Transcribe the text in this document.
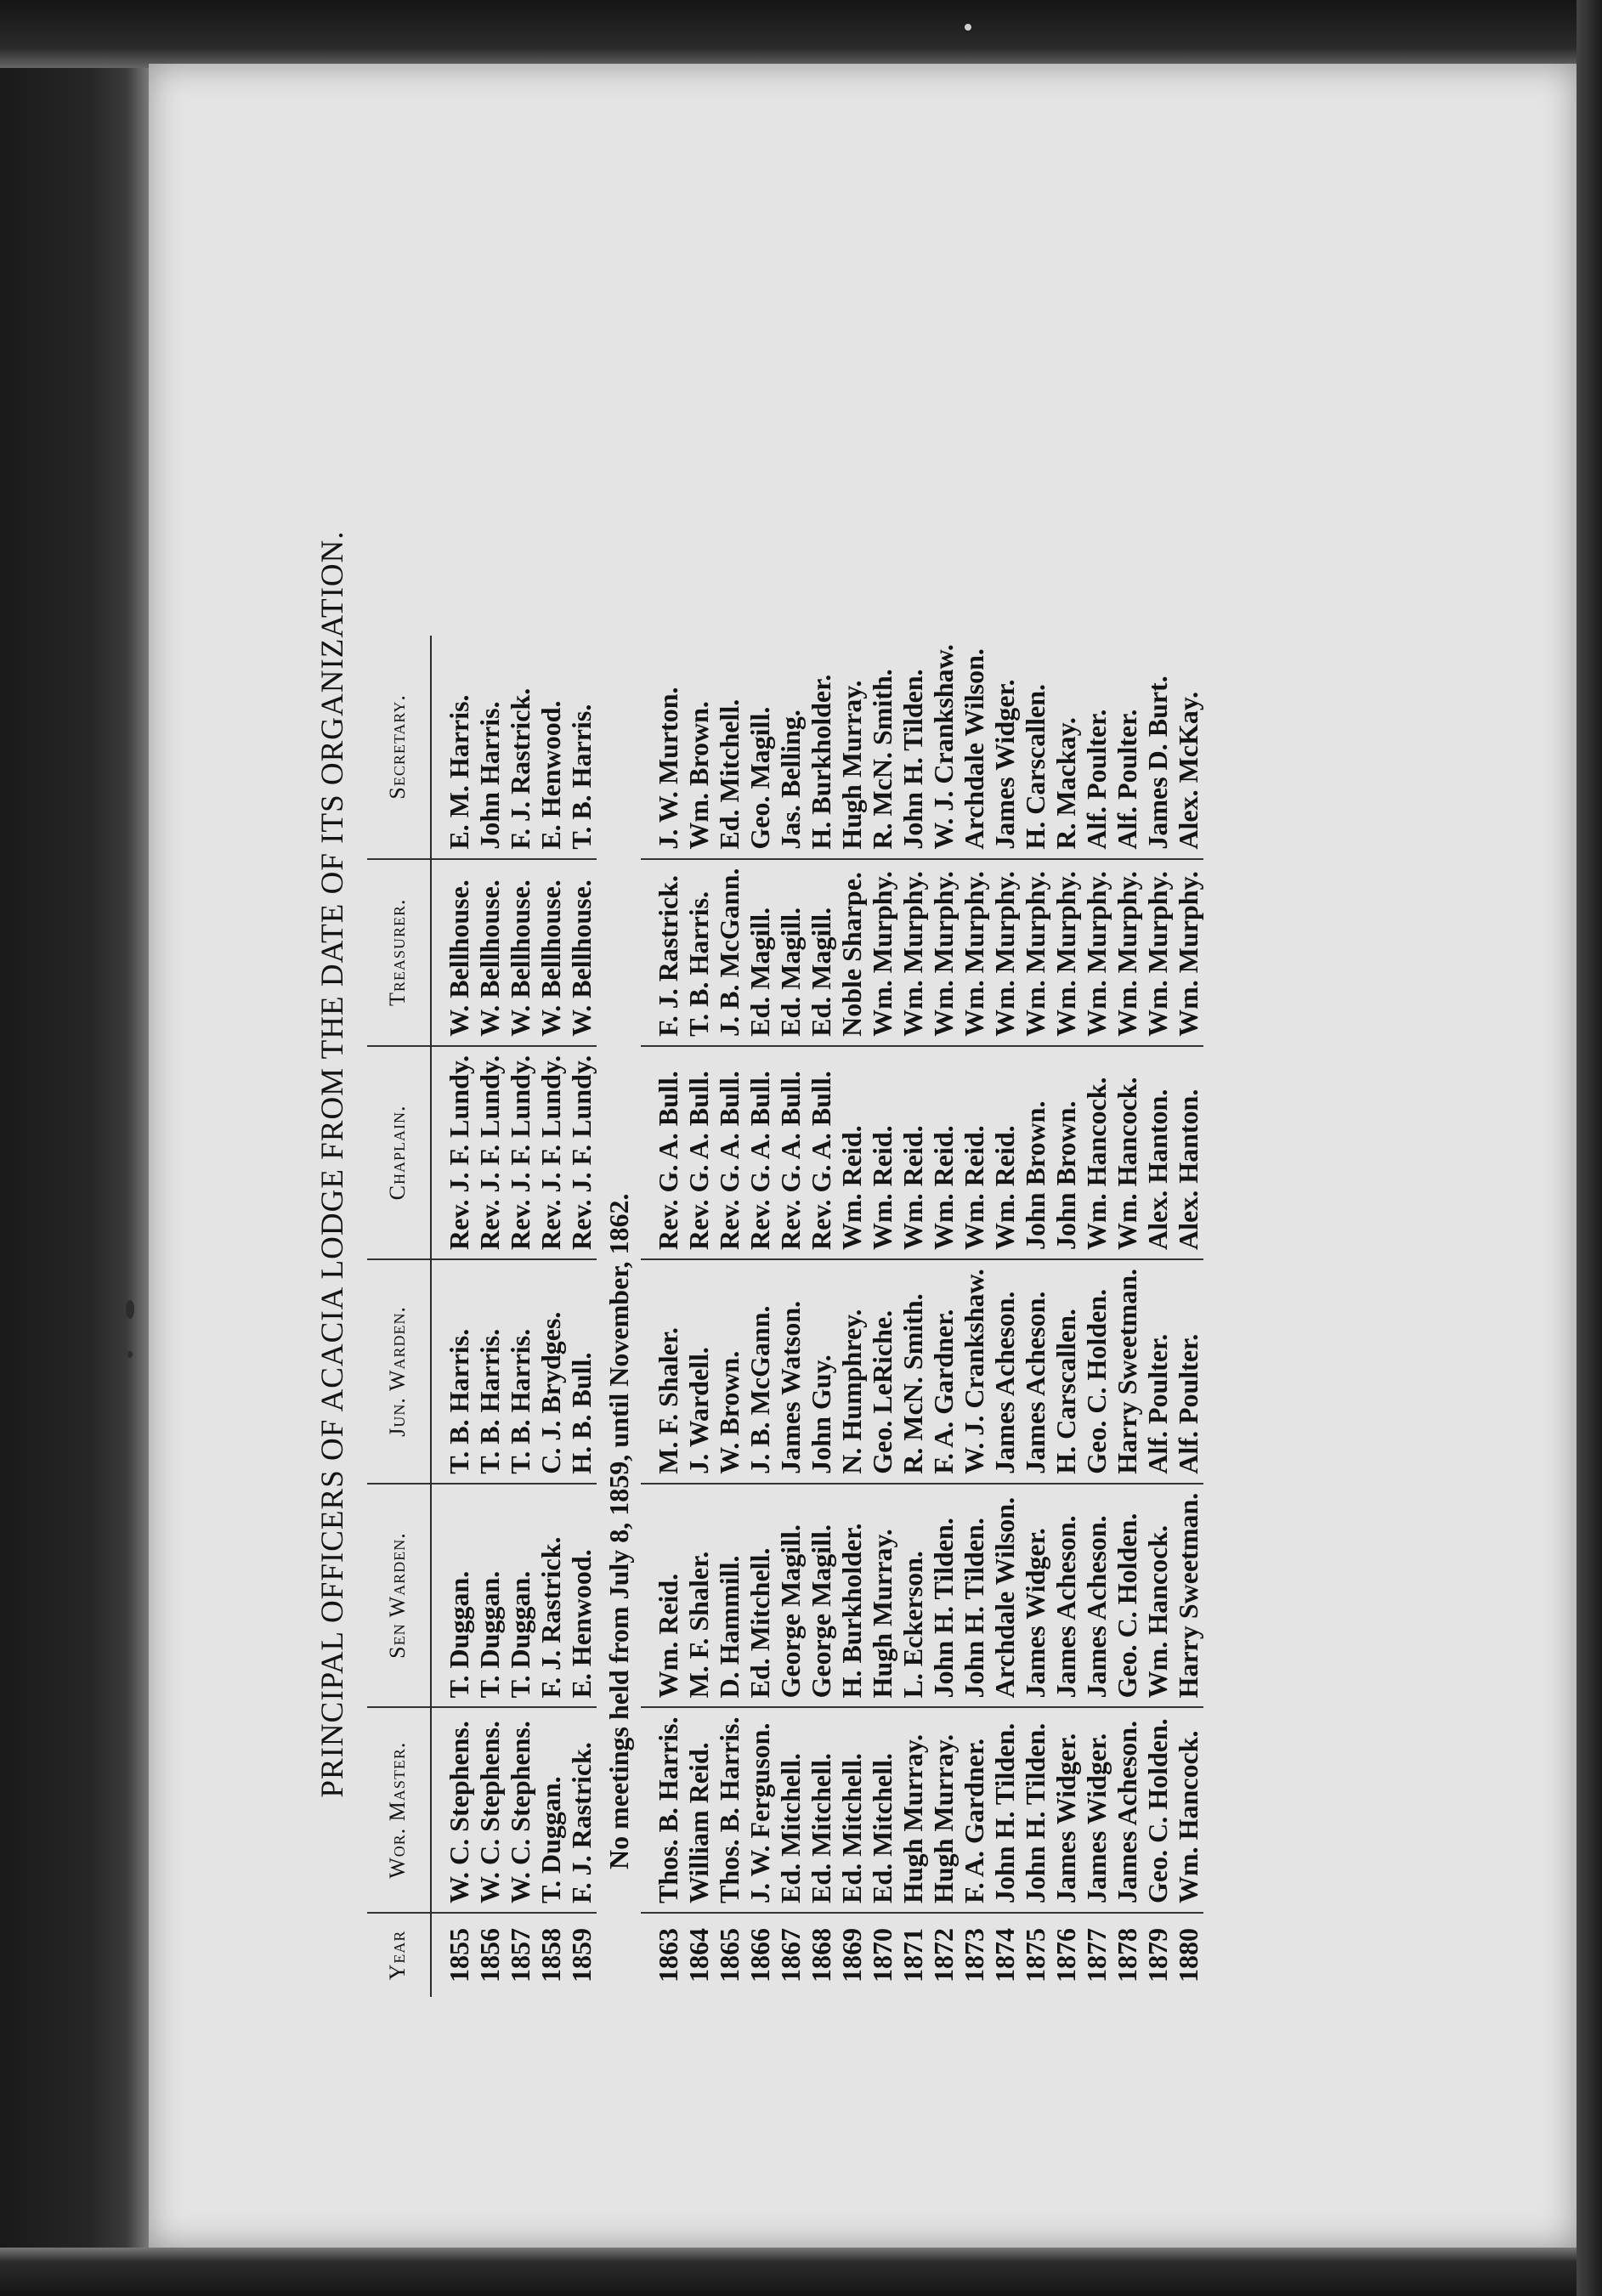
PRINCIPAL OFFICERS OF ACACIA LODGE FROM THE DATE OF ITS ORGANIZATION.
Year	Wor. Master.	Sen Warden.	Jun. Warden.	Chaplain.	Treasurer.	Secretary.
1855	W. C. Stephens.	T. Duggan.	T. B. Harris.	Rev. J. F. Lundy.	W. Bellhouse.	E. M. Harris.
1856	W. C. Stephens.	T. Duggan.	T. B. Harris.	Rev. J. F. Lundy.	W. Bellhouse.	John Harris.
1857	W. C. Stephens.	T. Duggan.	T. B. Harris.	Rev. J. F. Lundy.	W. Bellhouse.	F. J. Rastrick.
1858	T. Duggan.	F. J. Rastrick.	C. J. Brydges.	Rev. J. F. Lundy.	W. Bellhouse.	E. Henwood.
1859	F. J. Rastrick.	E. Henwood.	H. B. Bull.	Rev. J. F. Lundy.	W. Bellhouse.	T. B. Harris.
No meetings held from July 8, 1859, until November, 1862.						
1863	Thos. B. Harris.	Wm. Reid.	M. F. Shaler.	Rev. G. A. Bull.	F. J. Rastrick.	J. W. Murton.
1864	William Reid.	M. F. Shaler.	J. Wardell.	Rev. G. A. Bull.	T. B. Harris.	Wm. Brown.
1865	Thos. B. Harris.	D. Hammill.	W. Brown.	Rev. G. A. Bull.	J. B. McGann.	Ed. Mitchell.
1866	J. W. Ferguson.	Ed. Mitchell.	J. B. McGann.	Rev. G. A. Bull.	Ed. Magill.	Geo. Magill.
1867	Ed. Mitchell.	George Magill.	James Watson.	Rev. G. A. Bull.	Ed. Magill.	Jas. Belling.
1868	Ed. Mitchell.	George Magill.	John Guy.	Rev. G. A. Bull.	Ed. Magill.	H. Burkholder.
1869	Ed. Mitchell.	H. Burkholder.	N. Humphrey.	Wm. Reid.	Noble Sharpe.	Hugh Murray.
1870	Ed. Mitchell.	Hugh Murray.	Geo. LeRiche.	Wm. Reid.	Wm. Murphy.	R. McN. Smith.
1871	Hugh Murray.	L. Eckerson.	R. McN. Smith.	Wm. Reid.	Wm. Murphy.	John H. Tilden.
1872	Hugh Murray.	John H. Tilden.	F. A. Gardner.	Wm. Reid.	Wm. Murphy.	W. J. Crankshaw.
1873	F. A. Gardner.	John H. Tilden.	W. J. Crankshaw.	Wm. Reid.	Wm. Murphy.	Archdale Wilson.
1874	John H. Tilden.	Archdale Wilson.	James Acheson.	Wm. Reid.	Wm. Murphy.	James Widger.
1875	John H. Tilden.	James Widger.	James Acheson.	John Brown.	Wm. Murphy.	H. Carscallen.
1876	James Widger.	James Acheson.	H. Carscallen.	John Brown.	Wm. Murphy.	R. Mackay.
1877	James Widger.	James Acheson.	Geo. C. Holden.	Wm. Hancock.	Wm. Murphy.	Alf. Poulter.
1878	James Acheson.	Geo. C. Holden.	Harry Sweetman.	Wm. Hancock.	Wm. Murphy.	Alf. Poulter.
1879	Geo. C. Holden.	Wm. Hancock.	Alf. Poulter.	Alex. Hanton.	Wm. Murphy.	James D. Burt.
1880	Wm. Hancock.	Harry Sweetman.	Alf. Poulter.	Alex. Hanton.	Wm. Murphy.	Alex. McKay.
